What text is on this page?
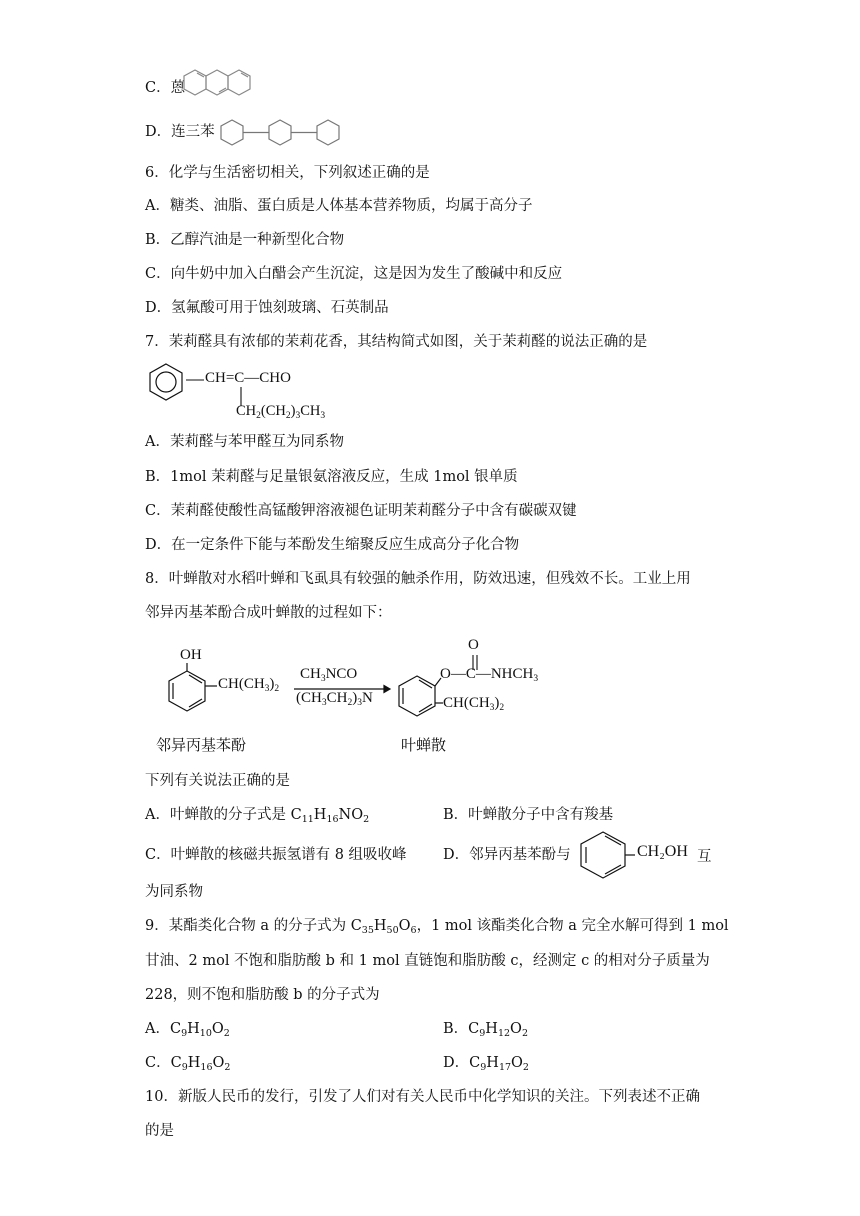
C．蒽
D．连三苯
6．化学与生活密切相关，下列叙述正确的是
A．糖类、油脂、蛋白质是人体基本营养物质，均属于高分子
B．乙醇汽油是一种新型化合物
C．向牛奶中加入白醋会产生沉淀，这是因为发生了酸碱中和反应
D．氢氟酸可用于蚀刻玻璃、石英制品
7．茉莉醛具有浓郁的茉莉花香，其结构简式如图，关于茉莉醛的说法正确的是
CH=C—CHO
$CH_2(CH_2)_3CH_3$
A．茉莉醛与苯甲醛互为同系物
B．1mol 茉莉醛与足量银氨溶液反应，生成 1mol 银单质
C．茉莉醛使酸性高锰酸钾溶液褪色证明茉莉醛分子中含有碳碳双键
D．在一定条件下能与苯酚发生缩聚反应生成高分子化合物
8．叶蝉散对水稻叶蝉和飞虱具有较强的触杀作用，防效迅速，但残效不长。工业上用
邻异丙基苯酚合成叶蝉散的过程如下：
OH
$CH(CH_3)_2$
$CH_3NCO$
$(CH_3CH_2)_3N$
O
$O—C—NHCH_3$
$CH(CH_3)_2$
邻异丙基苯酚	叶蝉散
下列有关说法正确的是
A．叶蝉散的分子式是 $C_{11}H_{16}NO_2$	B．叶蝉散分子中含有羧基
C．叶蝉散的核磁共振氢谱有 8 组吸收峰	D．邻异丙基苯酚与	CH₂OH 互
为同系物
9．某酯类化合物 a 的分子式为 $C_{35}H_{50}O_6$，1 mol 该酯类化合物 a 完全水解可得到 1 mol
甘油、2 mol 不饱和脂肪酸 b 和 1 mol 直链饱和脂肪酸 c，经测定 c 的相对分子质量为
228，则不饱和脂肪酸 b 的分子式为
A．$C_9H_{10}O_2$	B．$C_9H_{12}O_2$
C．$C_9H_{16}O_2$	D．$C_9H_{17}O_2$
10．新版人民币的发行，引发了人们对有关人民币中化学知识的关注。下列表述不正确
的是
